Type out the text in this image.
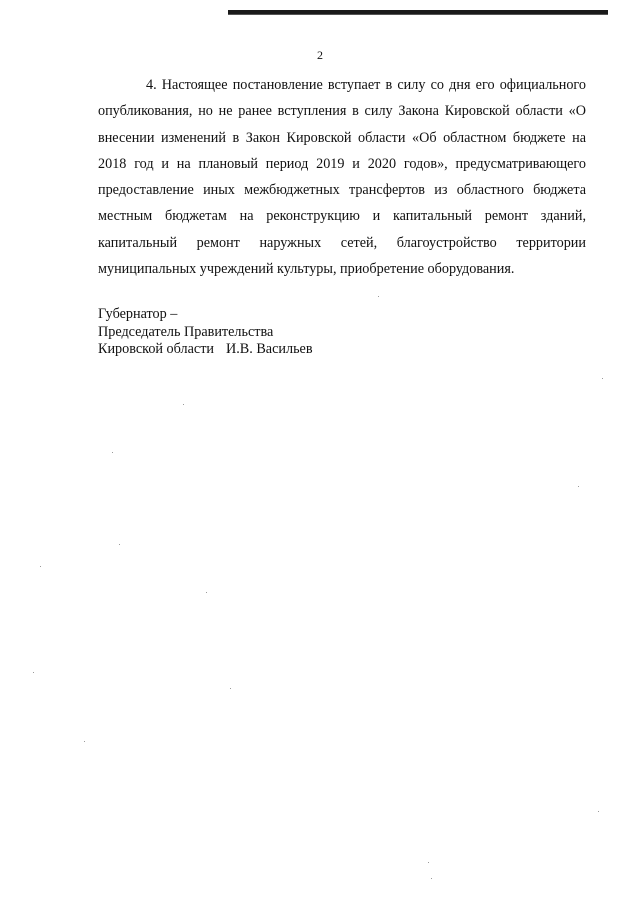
2

4. Настоящее постановление вступает в силу со дня его официального опубликования, но не ранее вступления в силу Закона Кировской области «О внесении изменений в Закон Кировской области «Об областном бюджете на 2018 год и на плановый период 2019 и 2020 годов», предусматривающего предоставление иных межбюджетных трансфертов из областного бюджета местным бюджетам на реконструкцию и капитальный ремонт зданий, капитальный ремонт наружных сетей, благоустройство территории муниципальных учреждений культуры, приобретение оборудования.

Губернатор –
Председатель Правительства
Кировской области И.В. Васильев
